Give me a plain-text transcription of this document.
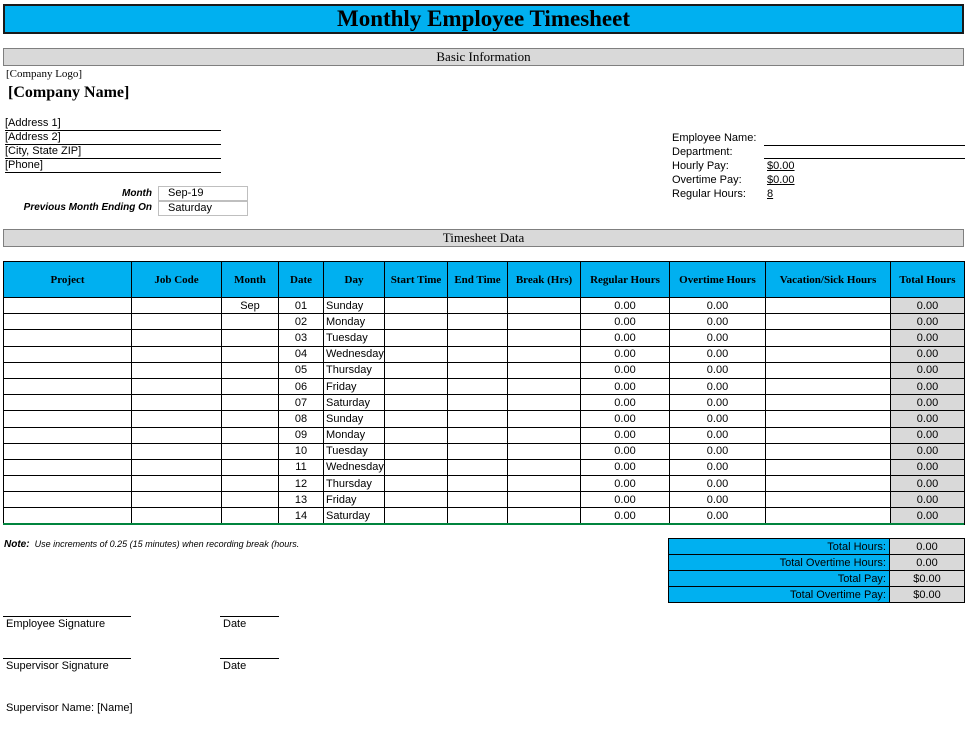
Monthly Employee Timesheet
Basic Information
[Company Logo]
[Company Name]
[Address 1]
[Address 2]
[City, State ZIP]
[Phone]
Month	Sep-19
Previous Month Ending On	Saturday
Employee Name:
Department:
Hourly Pay:	$0.00
Overtime Pay: $0.00
Regular Hours: 8
Timesheet Data
Project	Job Code	Month	Date	Day	Start Time	End Time	Break (Hrs)	Regular Hours	Overtime Hours	Vacation/Sick Hours	Total Hours
		Sep	01	Sunday				0.00	0.00		0.00
			02	Monday				0.00	0.00		0.00
			03	Tuesday				0.00	0.00		0.00
			04	Wednesday				0.00	0.00		0.00
			05	Thursday				0.00	0.00		0.00
			06	Friday				0.00	0.00		0.00
			07	Saturday				0.00	0.00		0.00
			08	Sunday				0.00	0.00		0.00
			09	Monday				0.00	0.00		0.00
			10	Tuesday				0.00	0.00		0.00
			11	Wednesday				0.00	0.00		0.00
			12	Thursday				0.00	0.00		0.00
			13	Friday				0.00	0.00		0.00
			14	Saturday				0.00	0.00		0.00
Note: Use increments of 0.25 (15 minutes) when recording break (hours.	Total Hours:	0.00
Total Overtime Hours:	0.00
Total Pay:	$0.00
Total Overtime Pay:	$0.00
Employee Signature	Date
Supervisor Signature	Date
Supervisor Name: [Name]
